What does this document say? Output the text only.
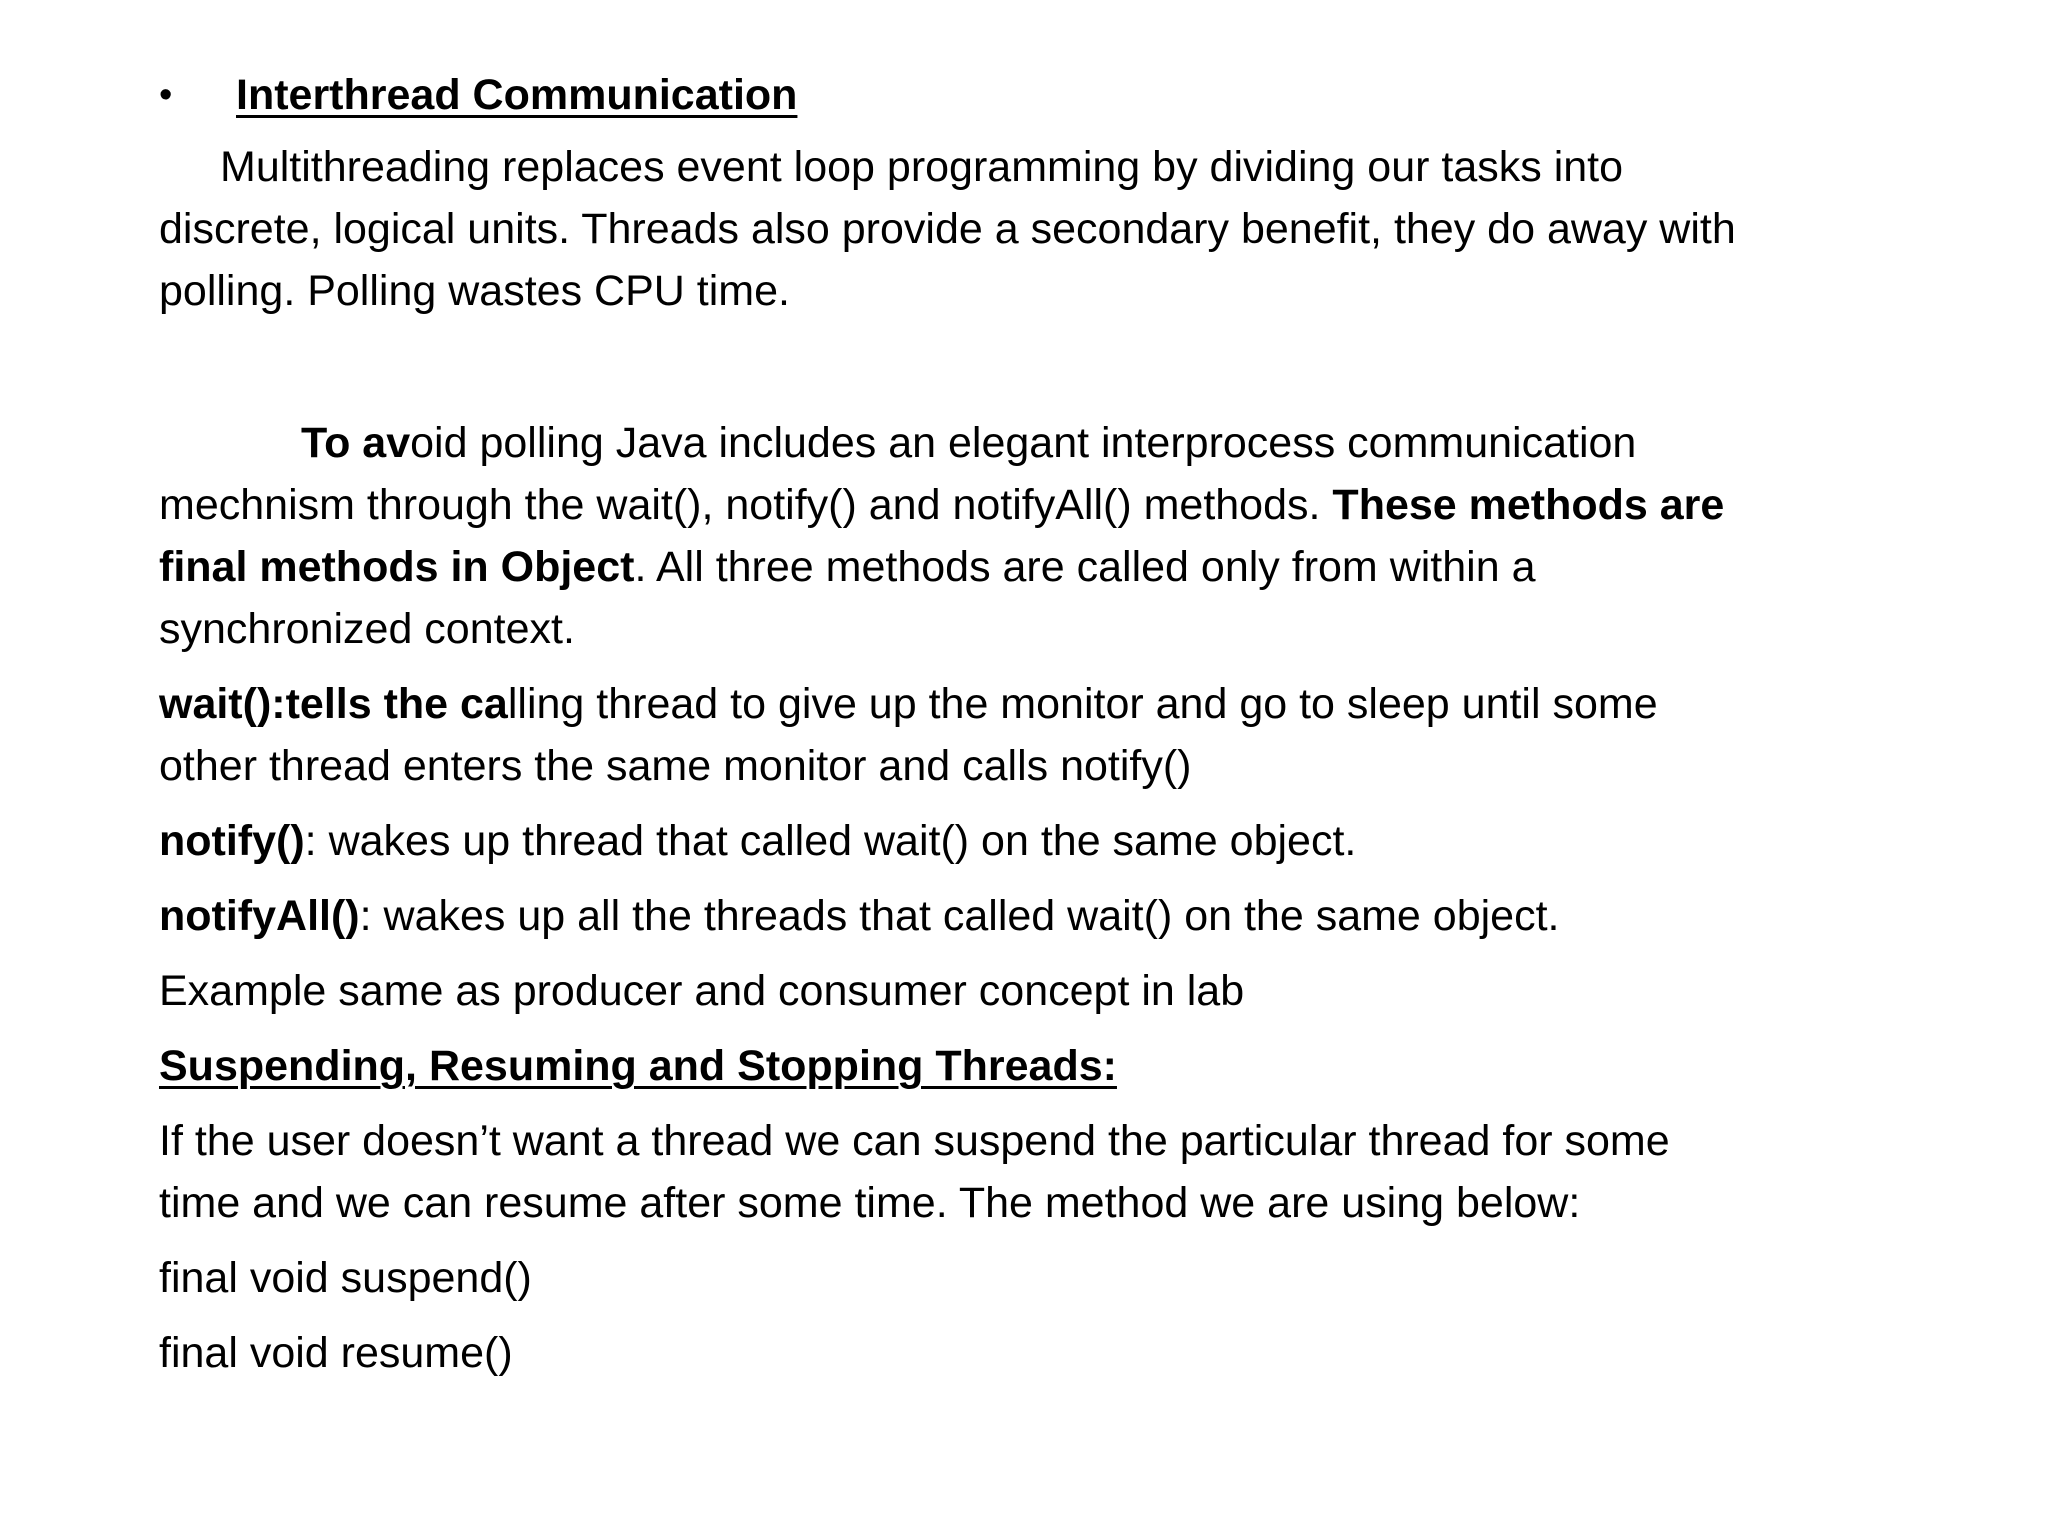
• Interthread Communication
Multithreading replaces event loop programming by dividing our tasks into
discrete, logical units. Threads also provide a secondary benefit, they do away with
polling. Polling wastes CPU time.
To avoid polling Java includes an elegant interprocess communication
mechnism through the wait(), notify() and notifyAll() methods. These methods are
final methods in Object. All three methods are called only from within a
synchronized context.
wait():tells the calling thread to give up the monitor and go to sleep until some
other thread enters the same monitor and calls notify()
notify(): wakes up thread that called wait() on the same object.
notifyAll(): wakes up all the threads that called wait() on the same object.
Example same as producer and consumer concept in lab
Suspending, Resuming and Stopping Threads:
If the user doesn’t want a thread we can suspend the particular thread for some
time and we can resume after some time. The method we are using below:
final void suspend()
final void resume()
